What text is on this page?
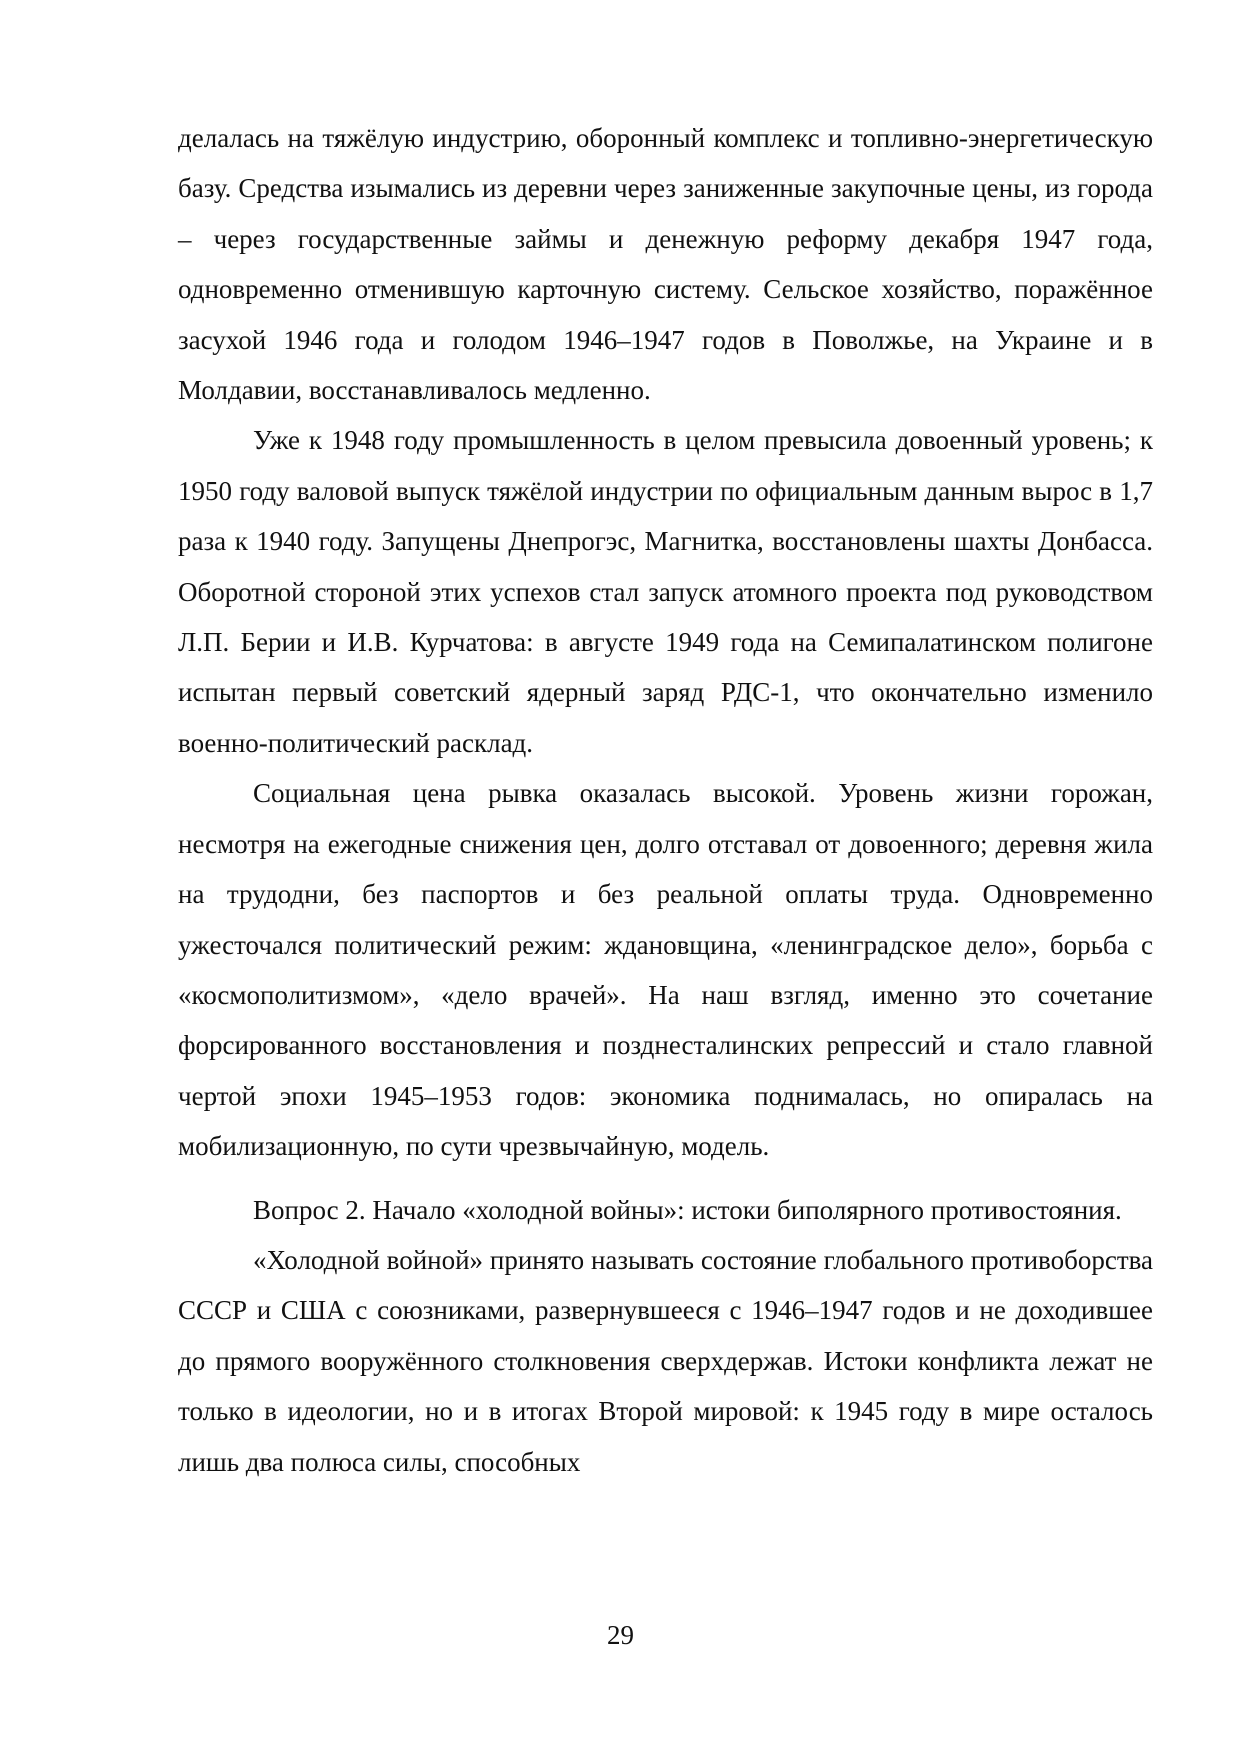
делалась на тяжёлую индустрию, оборонный комплекс и топливно-энергетическую базу. Средства изымались из деревни через заниженные закупочные цены, из города – через государственные займы и денежную реформу декабря 1947 года, одновременно отменившую карточную систему. Сельское хозяйство, поражённое засухой 1946 года и голодом 1946–1947 годов в Поволжье, на Украине и в Молдавии, восстанавливалось медленно.

Уже к 1948 году промышленность в целом превысила довоенный уровень; к 1950 году валовой выпуск тяжёлой индустрии по официальным данным вырос в 1,7 раза к 1940 году. Запущены Днепрогэс, Магнитка, восстановлены шахты Донбасса. Оборотной стороной этих успехов стал запуск атомного проекта под руководством Л.П. Берии и И.В. Курчатова: в августе 1949 года на Семипалатинском полигоне испытан первый советский ядерный заряд РДС-1, что окончательно изменило военно-политический расклад.

Социальная цена рывка оказалась высокой. Уровень жизни горожан, несмотря на ежегодные снижения цен, долго отставал от довоенного; деревня жила на трудодни, без паспортов и без реальной оплаты труда. Одновременно ужесточался политический режим: ждановщина, «ленинградское дело», борьба с «космополитизмом», «дело врачей». На наш взгляд, именно это сочетание форсированного восстановления и позднесталинских репрессий и стало главной чертой эпохи 1945–1953 годов: экономика поднималась, но опиралась на мобилизационную, по сути чрезвычайную, модель.

Вопрос 2. Начало «холодной войны»: истоки биполярного противостояния.

«Холодной войной» принято называть состояние глобального противоборства СССР и США с союзниками, развернувшееся с 1946–1947 годов и не доходившее до прямого вооружённого столкновения сверхдержав. Истоки конфликта лежат не только в идеологии, но и в итогах Второй мировой: к 1945 году в мире осталось лишь два полюса силы, способных

29
